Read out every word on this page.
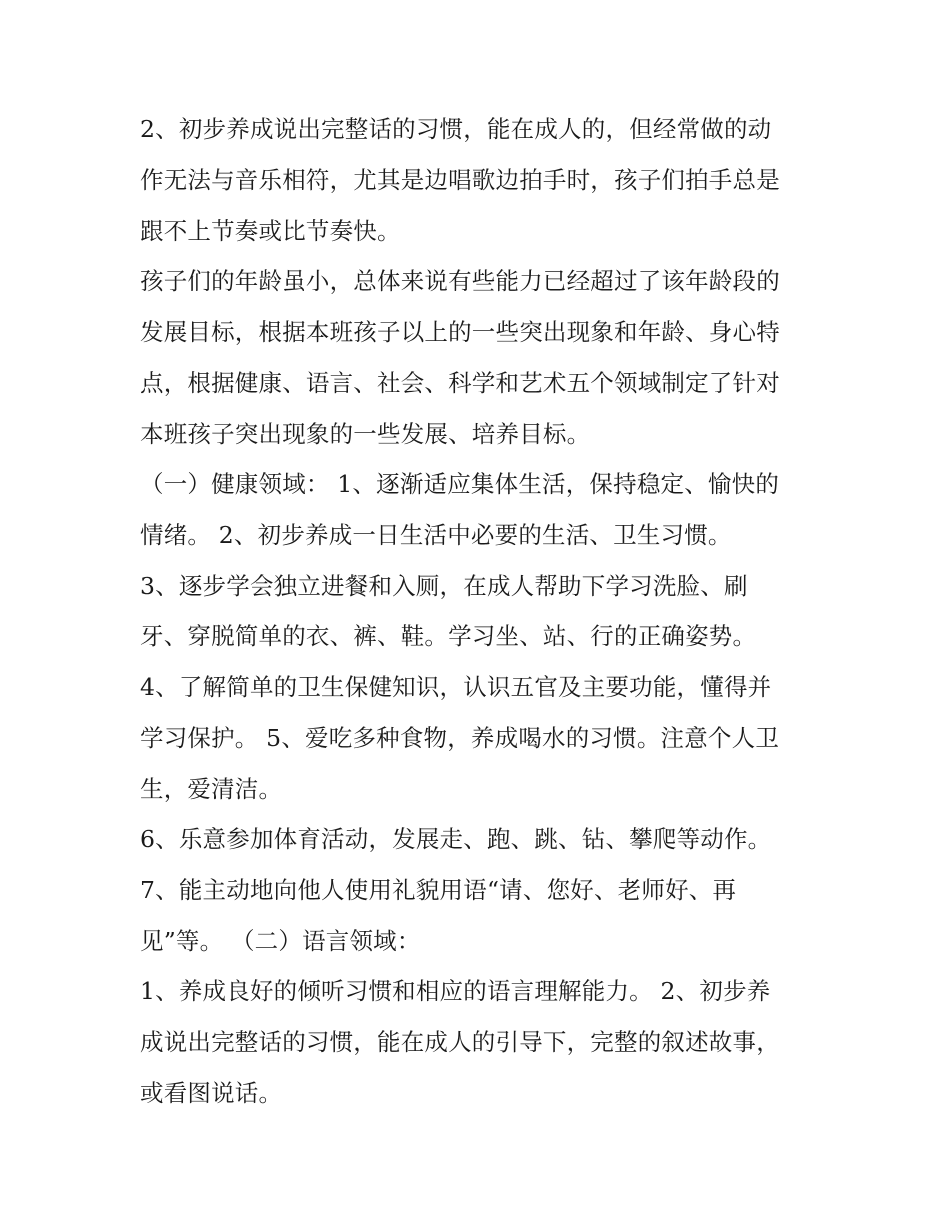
2、初步养成说出完整话的习惯，能在成人的，但经常做的动
作无法与音乐相符，尤其是边唱歌边拍手时，孩子们拍手总是
跟不上节奏或比节奏快。
孩子们的年龄虽小，总体来说有些能力已经超过了该年龄段的
发展目标，根据本班孩子以上的一些突出现象和年龄、身心特
点，根据健康、语言、社会、科学和艺术五个领域制定了针对
本班孩子突出现象的一些发展、培养目标。
（一）健康领域： 1、逐渐适应集体生活，保持稳定、愉快的
情绪。 2、初步养成一日生活中必要的生活、卫生习惯。
3、逐步学会独立进餐和入厕，在成人帮助下学习洗脸、刷
牙、穿脱简单的衣、裤、鞋。学习坐、站、行的正确姿势。
4、了解简单的卫生保健知识，认识五官及主要功能，懂得并
学习保护。 5、爱吃多种食物，养成喝水的习惯。注意个人卫
生，爱清洁。
6、乐意参加体育活动，发展走、跑、跳、钻、攀爬等动作。
7、能主动地向他人使用礼貌用语“请、您好、老师好、再
见”等。 （二）语言领域：
1、养成良好的倾听习惯和相应的语言理解能力。 2、初步养
成说出完整话的习惯，能在成人的引导下，完整的叙述故事，
或看图说话。
